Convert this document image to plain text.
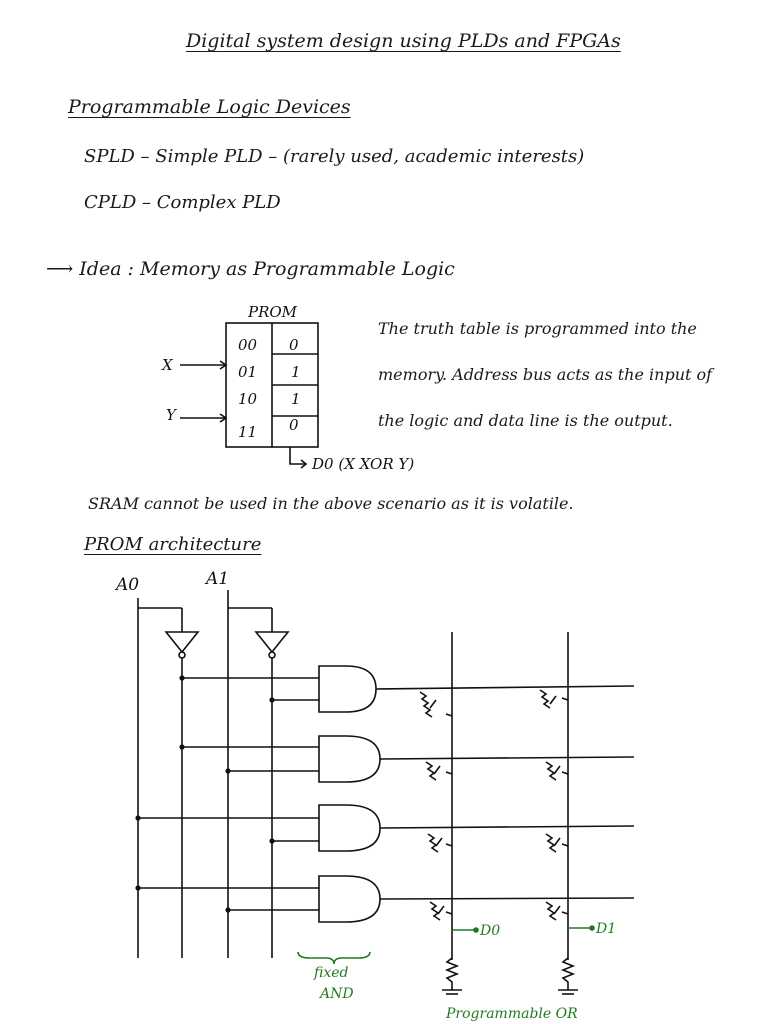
Digital system design using PLDs and FPGAs
Programmable Logic Devices
SPLD – Simple PLD – (rarely used, academic interests)
CPLD – Complex PLD
⟶ Idea : Memory as Programmable Logic
The truth table is programmed into the memory. Address bus acts as the input of the logic and data line is the output.
SRAM cannot be used in the above scenario as it is volatile.
PROM architecture
PROM
00 0
01 1
10 1
11 0
X
Y
D0 (X XOR Y)
A0	A1
D0	D1
fixed
AND
Programmable OR
